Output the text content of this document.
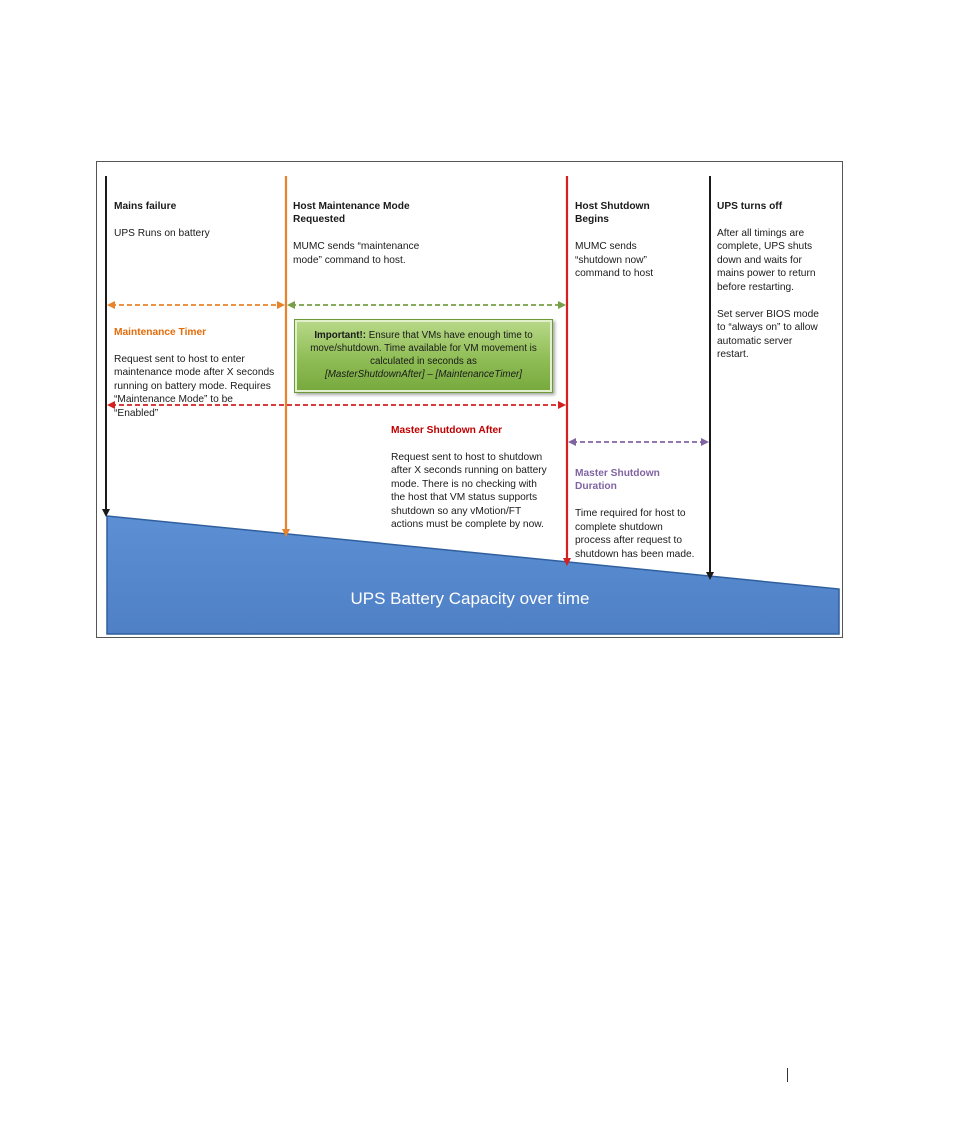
Mains failure

UPS Runs on battery

Host Maintenance Mode
Requested

MUMC sends “maintenance
mode” command to host.

Host Shutdown
Begins

MUMC sends
“shutdown now”
command to host

UPS turns off

After all timings are
complete, UPS shuts
down and waits for
mains power to return
before restarting.

Set server BIOS mode
to “always on” to allow
automatic server
restart.

Maintenance Timer

Request sent to host to enter
maintenance mode after X seconds
running on battery mode. Requires
“Maintenance Mode” to be
“Enabled”

Master Shutdown After

Request sent to host to shutdown
after X seconds running on battery
mode. There is no checking with
the host that VM status supports
shutdown so any vMotion/FT
actions must be complete by now.

Master Shutdown
Duration

Time required for host to
complete shutdown
process after request to
shutdown has been made.

Important!: Ensure that VMs have enough time to move/shutdown. Time available for VM movement is calculated in seconds as
[MasterShutdownAfter] – [MaintenanceTimer]
UPS Battery Capacity over time
